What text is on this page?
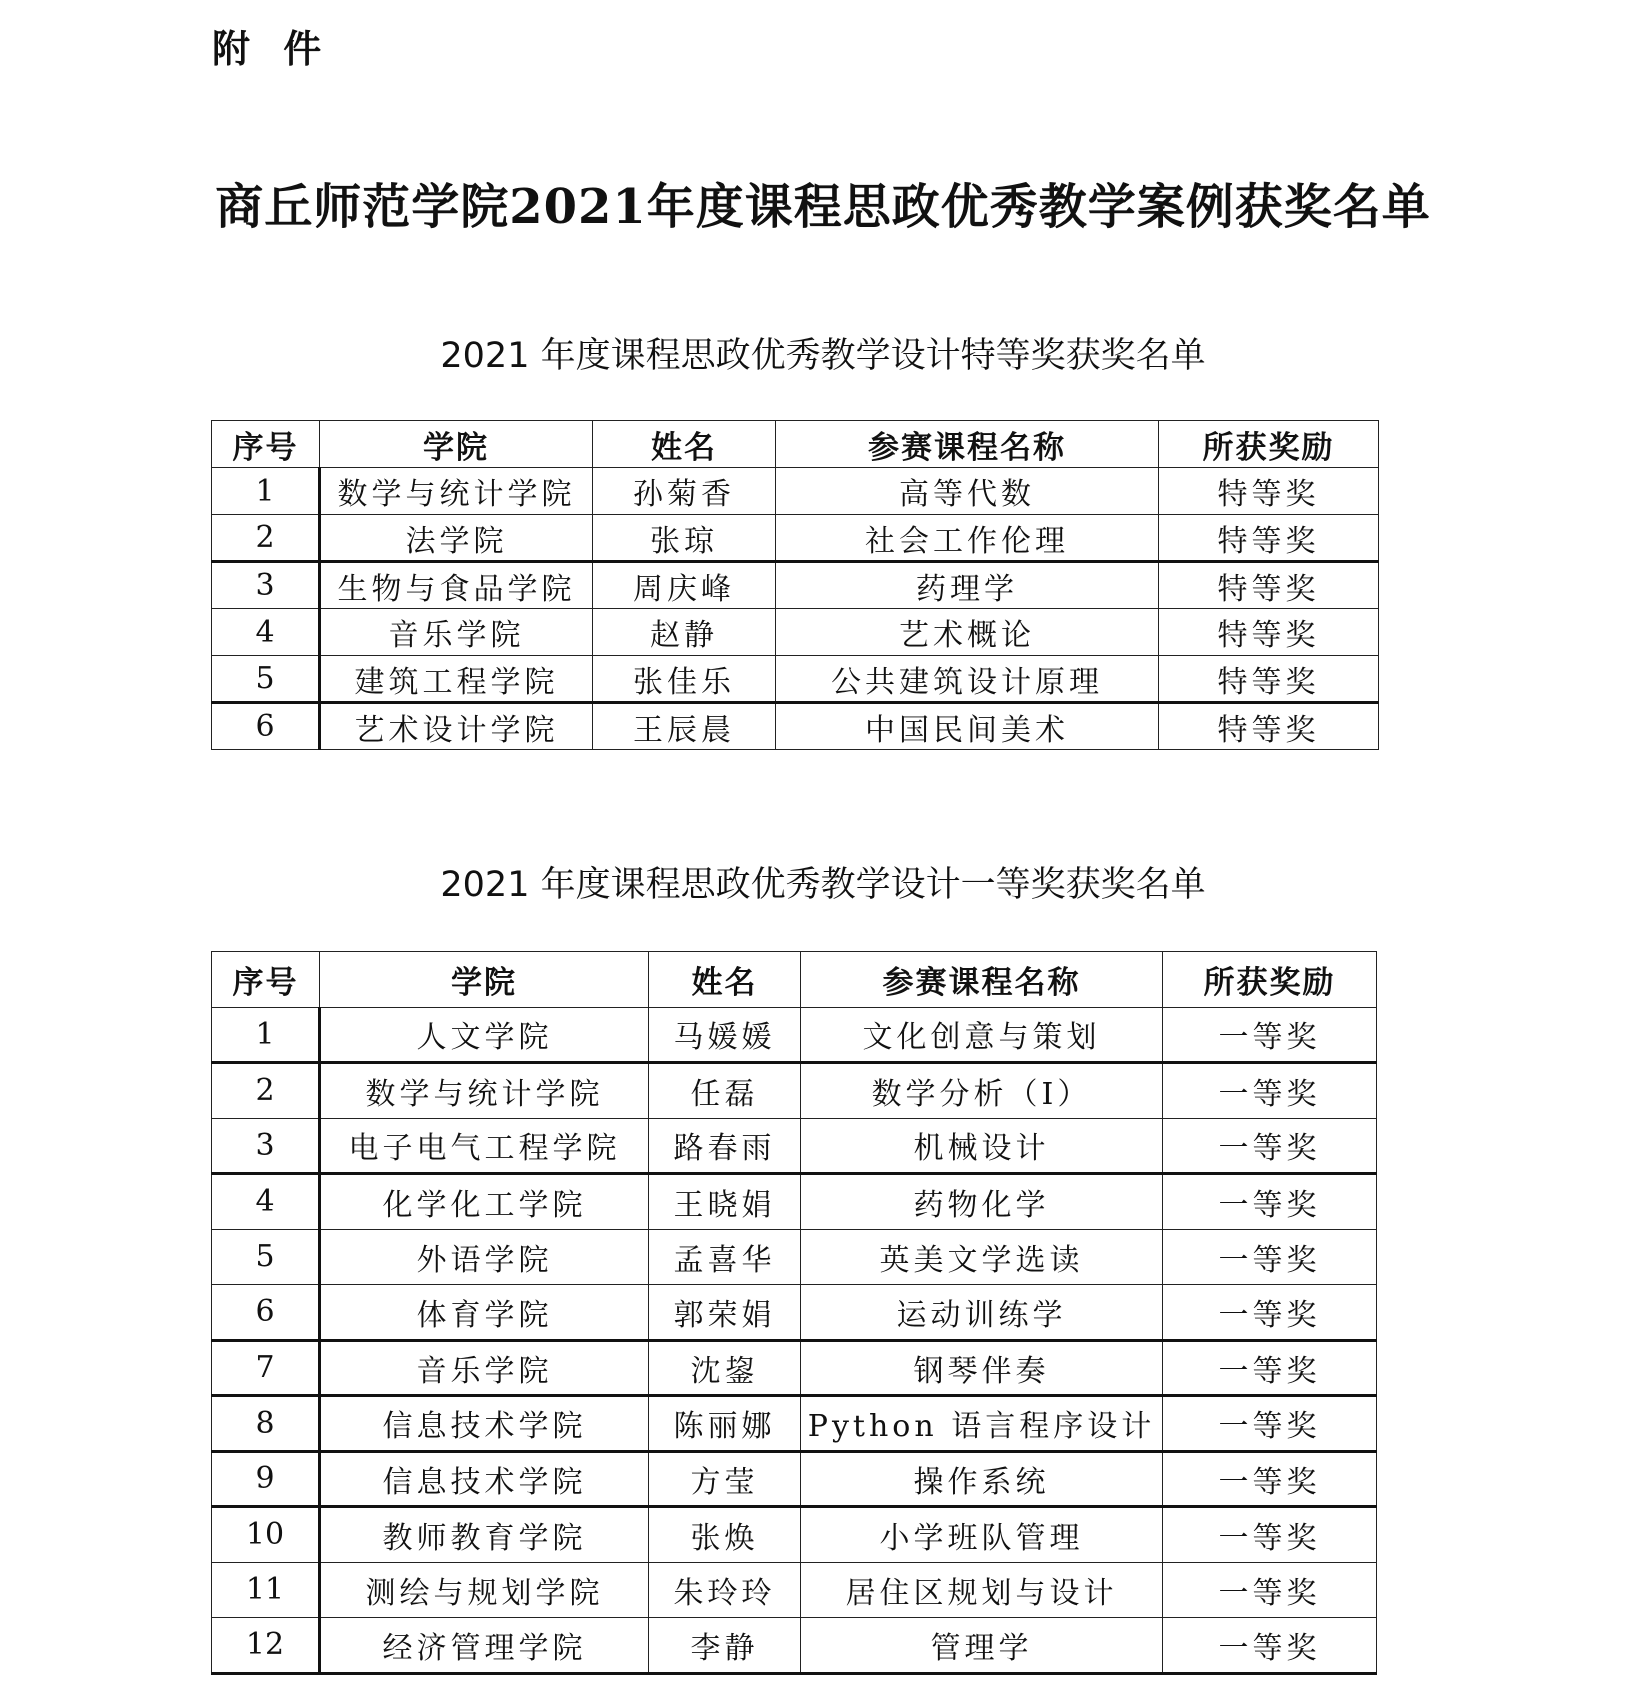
附 件
商丘师范学院2021年度课程思政优秀教学案例获奖名单
2021 年度课程思政优秀教学设计特等奖获奖名单
序号	学院	姓名	参赛课程名称	所获奖励
1	数学与统计学院	孙菊香	高等代数	特等奖
2	法学院	张琼	社会工作伦理	特等奖
3	生物与食品学院	周庆峰	药理学	特等奖
4	音乐学院	赵静	艺术概论	特等奖
5	建筑工程学院	张佳乐	公共建筑设计原理	特等奖
6	艺术设计学院	王辰晨	中国民间美术	特等奖
2021 年度课程思政优秀教学设计一等奖获奖名单
序号	学院	姓名	参赛课程名称	所获奖励
1	人文学院	马媛媛	文化创意与策划	一等奖
2	数学与统计学院	任磊	数学分析（I）	一等奖
3	电子电气工程学院	路春雨	机械设计	一等奖
4	化学化工学院	王晓娟	药物化学	一等奖
5	外语学院	孟喜华	英美文学选读	一等奖
6	体育学院	郭荣娟	运动训练学	一等奖
7	音乐学院	沈鋆	钢琴伴奏	一等奖
8	信息技术学院	陈丽娜	Python 语言程序设计	一等奖
9	信息技术学院	方莹	操作系统	一等奖
10	教师教育学院	张焕	小学班队管理	一等奖
11	测绘与规划学院	朱玲玲	居住区规划与设计	一等奖
12	经济管理学院	李静	管理学	一等奖
